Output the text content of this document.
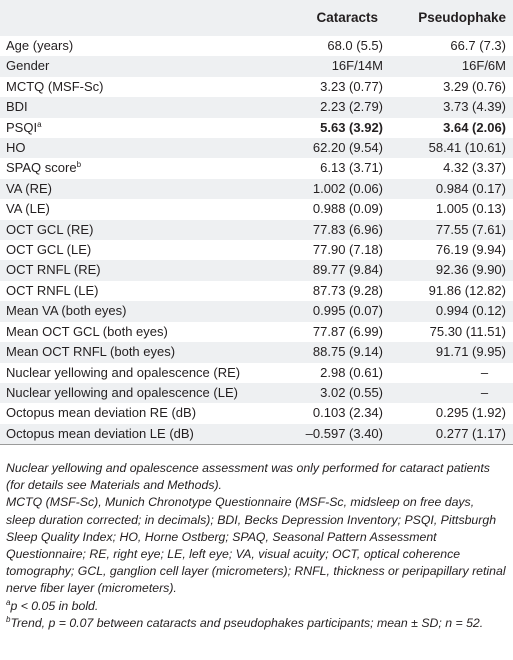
	Cataracts	Pseudophake
Age (years)	68.0 (5.5)	66.7 (7.3)
Gender	16F/14M	16F/6M
MCTQ (MSF-Sc)	3.23 (0.77)	3.29 (0.76)
BDI	2.23 (2.79)	3.73 (4.39)
PSQI$^a$	5.63 (3.92)	3.64 (2.06)
HO	62.20 (9.54)	58.41 (10.61)
SPAQ score$^b$	6.13 (3.71)	4.32 (3.37)
VA (RE)	1.002 (0.06)	0.984 (0.17)
VA (LE)	0.988 (0.09)	1.005 (0.13)
OCT GCL (RE)	77.83 (6.96)	77.55 (7.61)
OCT GCL (LE)	77.90 (7.18)	76.19 (9.94)
OCT RNFL (RE)	89.77 (9.84)	92.36 (9.90)
OCT RNFL (LE)	87.73 (9.28)	91.86 (12.82)
Mean VA (both eyes)	0.995 (0.07)	0.994 (0.12)
Mean OCT GCL (both eyes)	77.87 (6.99)	75.30 (11.51)
Mean OCT RNFL (both eyes)	88.75 (9.14)	91.71 (9.95)
Nuclear yellowing and opalescence (RE)	2.98 (0.61)	–
Nuclear yellowing and opalescence (LE)	3.02 (0.55)	–
Octopus mean deviation RE (dB)	0.103 (2.34)	0.295 (1.92)
Octopus mean deviation LE (dB)	–0.597 (3.40)	0.277 (1.17)

Nuclear yellowing and opalescence assessment was only performed for cataract patients (for details see Materials and Methods).

MCTQ (MSF-Sc), Munich Chronotype Questionnaire (MSF-Sc, midsleep on free days, sleep duration corrected; in decimals); BDI, Becks Depression Inventory; PSQI, Pittsburgh Sleep Quality Index; HO, Horne Ostberg; SPAQ, Seasonal Pattern Assessment Questionnaire; RE, right eye; LE, left eye; VA, visual acuity; OCT, optical coherence tomography; GCL, ganglion cell layer (micrometers); RNFL, thickness or peripapillary retinal nerve fiber layer (micrometers).

$^a$p < 0.05 in bold.

$^b$Trend, p = 0.07 between cataracts and pseudophakes participants; mean ± SD; n = 52.
